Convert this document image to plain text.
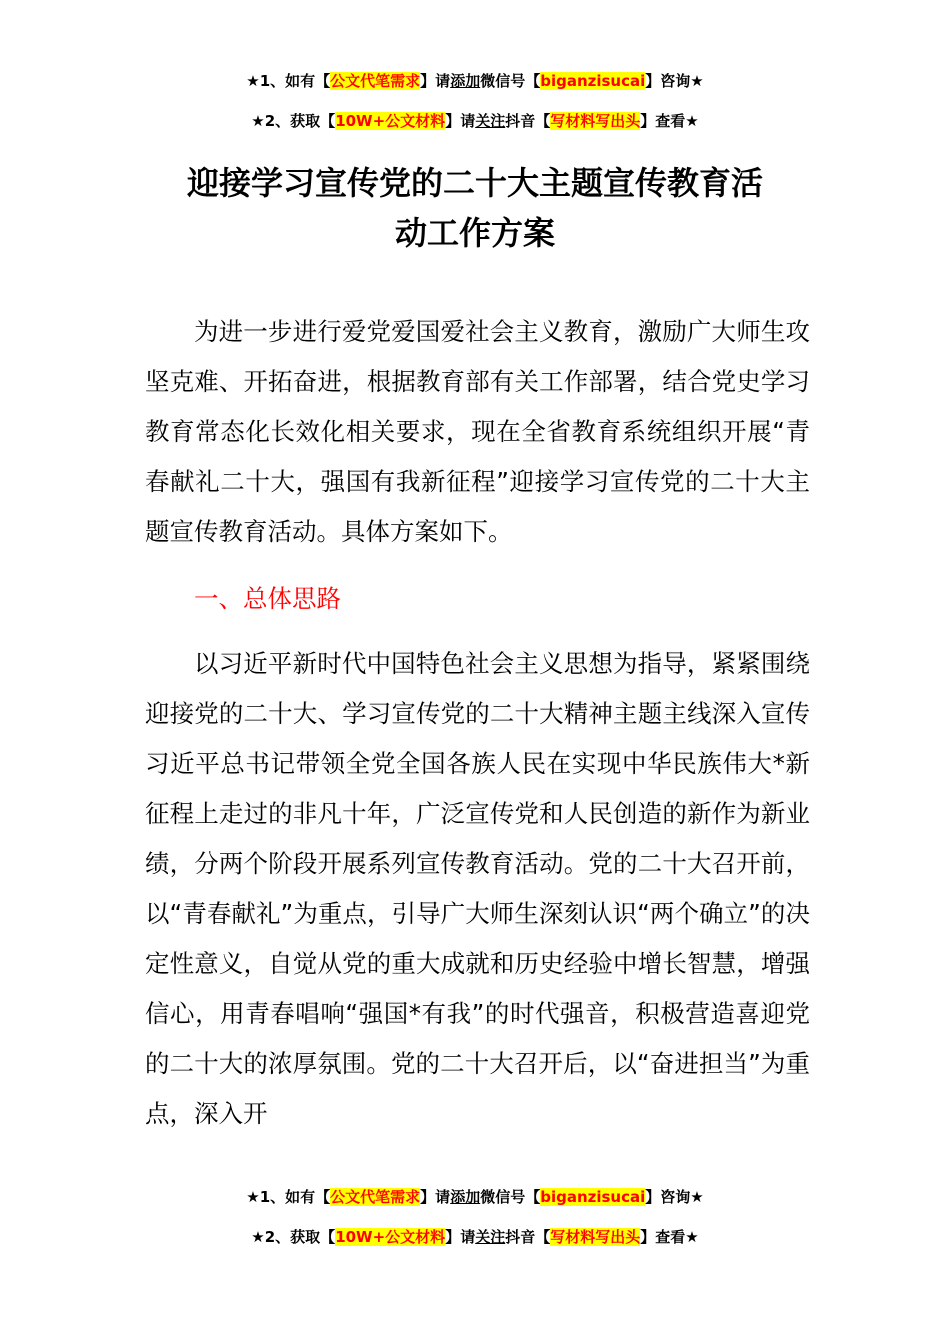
★1、如有【公文代笔需求】请添加微信号【biganzisucai】咨询★
★2、获取【10W+公文材料】请关注抖音【写材料写出头】查看★
迎接学习宣传党的二十大主题宣传教育活
动工作方案

为进一步进行爱党爱国爱社会主义教育，激励广大师生攻坚克难、开拓奋进，根据教育部有关工作部署，结合党史学习教育常态化长效化相关要求，现在全省教育系统组织开展“青春献礼二十大，强国有我新征程”迎接学习宣传党的二十大主题宣传教育活动。具体方案如下。

一、总体思路

以习近平新时代中国特色社会主义思想为指导，紧紧围绕迎接党的二十大、学习宣传党的二十大精神主题主线深入宣传习近平总书记带领全党全国各族人民在实现中华民族伟大*新征程上走过的非凡十年，广泛宣传党和人民创造的新作为新业绩，分两个阶段开展系列宣传教育活动。党的二十大召开前，以“青春献礼”为重点，引导广大师生深刻认识“两个确立”的决定性意义，自觉从党的重大成就和历史经验中增长智慧，增强信心，用青春唱响“强国*有我”的时代强音，积极营造喜迎党的二十大的浓厚氛围。党的二十大召开后，以“奋进担当”为重点，深入开

★1、如有【公文代笔需求】请添加微信号【biganzisucai】咨询★
★2、获取【10W+公文材料】请关注抖音【写材料写出头】查看★
